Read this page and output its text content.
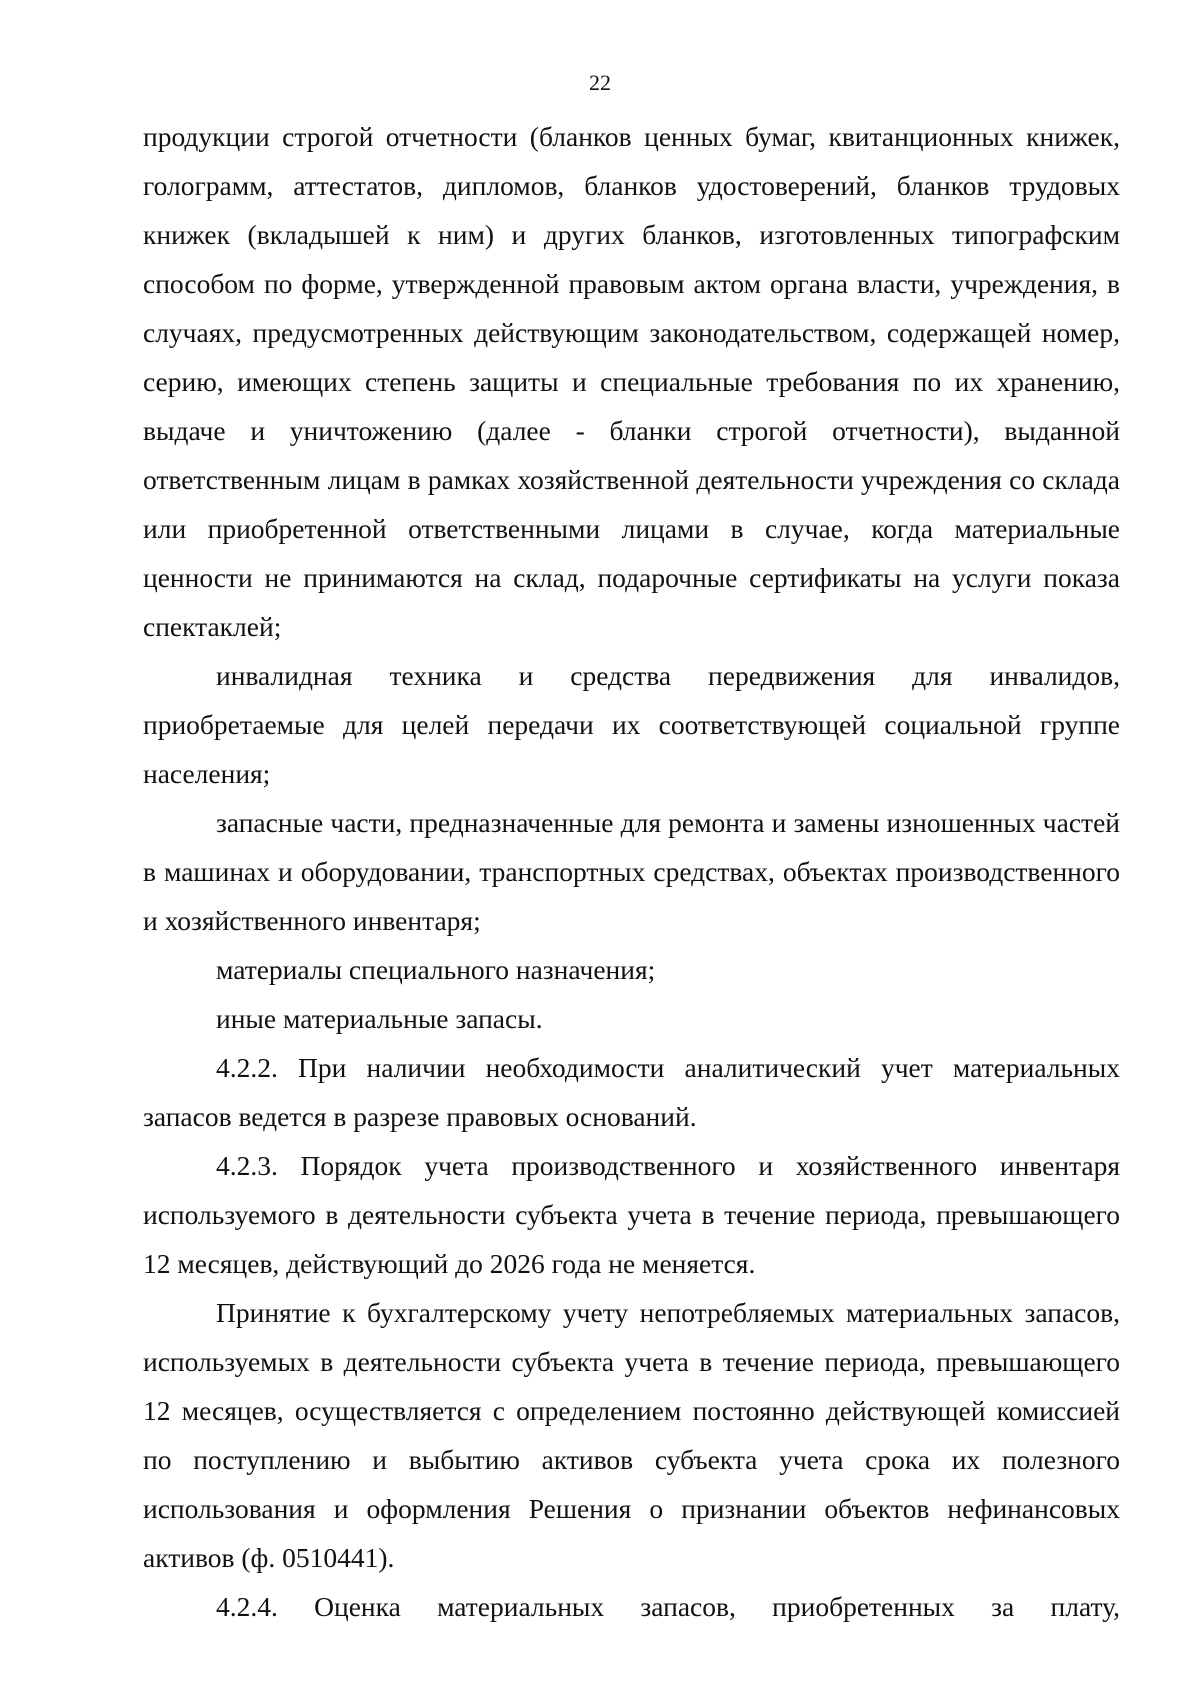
22

продукции строгой отчетности (бланков ценных бумаг, квитанционных книжек, голограмм, аттестатов, дипломов, бланков удостоверений, бланков трудовых книжек (вкладышей к ним) и других бланков, изготовленных типографским способом по форме, утвержденной правовым актом органа власти, учреждения, в случаях, предусмотренных действующим законодательством, содержащей номер, серию, имеющих степень защиты и специальные требования по их хранению, выдаче и уничтожению (далее - бланки строгой отчетности), выданной ответственным лицам в рамках хозяйственной деятельности учреждения со склада или приобретенной ответственными лицами в случае, когда материальные ценности не принимаются на склад, подарочные сертификаты на услуги показа спектаклей;

инвалидная техника и средства передвижения для инвалидов, приобретаемые для целей передачи их соответствующей социальной группе населения;

запасные части, предназначенные для ремонта и замены изношенных частей в машинах и оборудовании, транспортных средствах, объектах производственного и хозяйственного инвентаря;

материалы специального назначения;

иные материальные запасы.

4.2.2. При наличии необходимости аналитический учет материальных запасов ведется в разрезе правовых оснований.

4.2.3. Порядок учета производственного и хозяйственного инвентаря используемого в деятельности субъекта учета в течение периода, превышающего 12 месяцев, действующий до 2026 года не меняется.

Принятие к бухгалтерскому учету непотребляемых материальных запасов, используемых в деятельности субъекта учета в течение периода, превышающего 12 месяцев, осуществляется с определением постоянно действующей комиссией по поступлению и выбытию активов субъекта учета срока их полезного использования и оформления Решения о признании объектов нефинансовых активов (ф. 0510441).

4.2.4. Оценка материальных запасов, приобретенных за плату,
